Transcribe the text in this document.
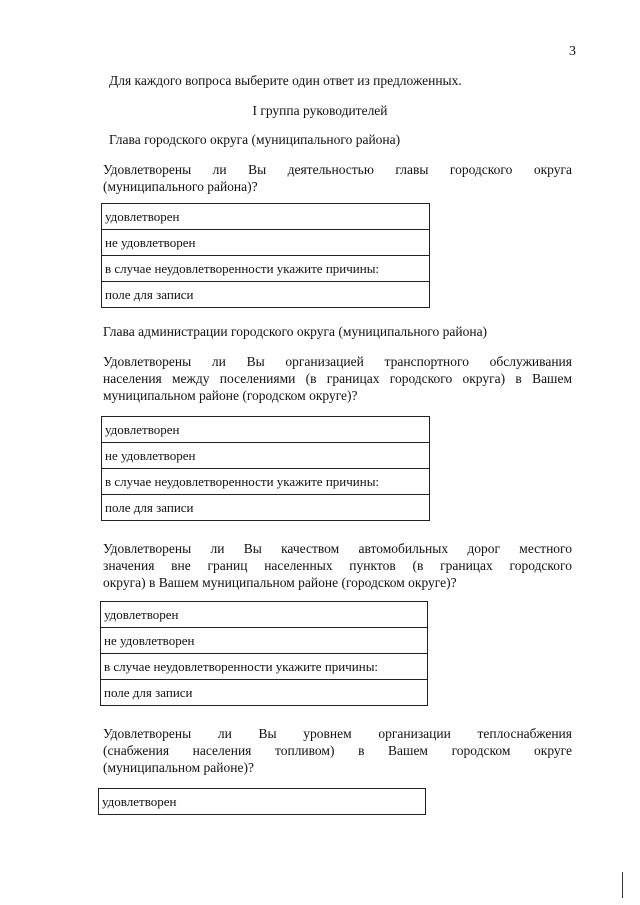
3

Для каждого вопроса выберите один ответ из предложенных.

I группа руководителей

Глава городского округа (муниципального района)

Удовлетворены ли Вы деятельностью главы городского округа
(муниципального района)?
удовлетворен
не удовлетворен
в случае неудовлетворенности укажите причины:
поле для записи

Глава администрации городского округа (муниципального района)

Удовлетворены ли Вы организацией транспортного обслуживания
населения между поселениями (в границах городского округа) в Вашем
муниципальном районе (городском округе)?
удовлетворен
не удовлетворен
в случае неудовлетворенности укажите причины:
поле для записи
Удовлетворены ли Вы качеством автомобильных дорог местного
значения вне границ населенных пунктов (в границах городского
округа) в Вашем муниципальном районе (городском округе)?
удовлетворен
не удовлетворен
в случае неудовлетворенности укажите причины:
поле для записи
Удовлетворены ли Вы уровнем организации теплоснабжения
(снабжения населения топливом) в Вашем городском округе
(муниципальном районе)?
удовлетворен
